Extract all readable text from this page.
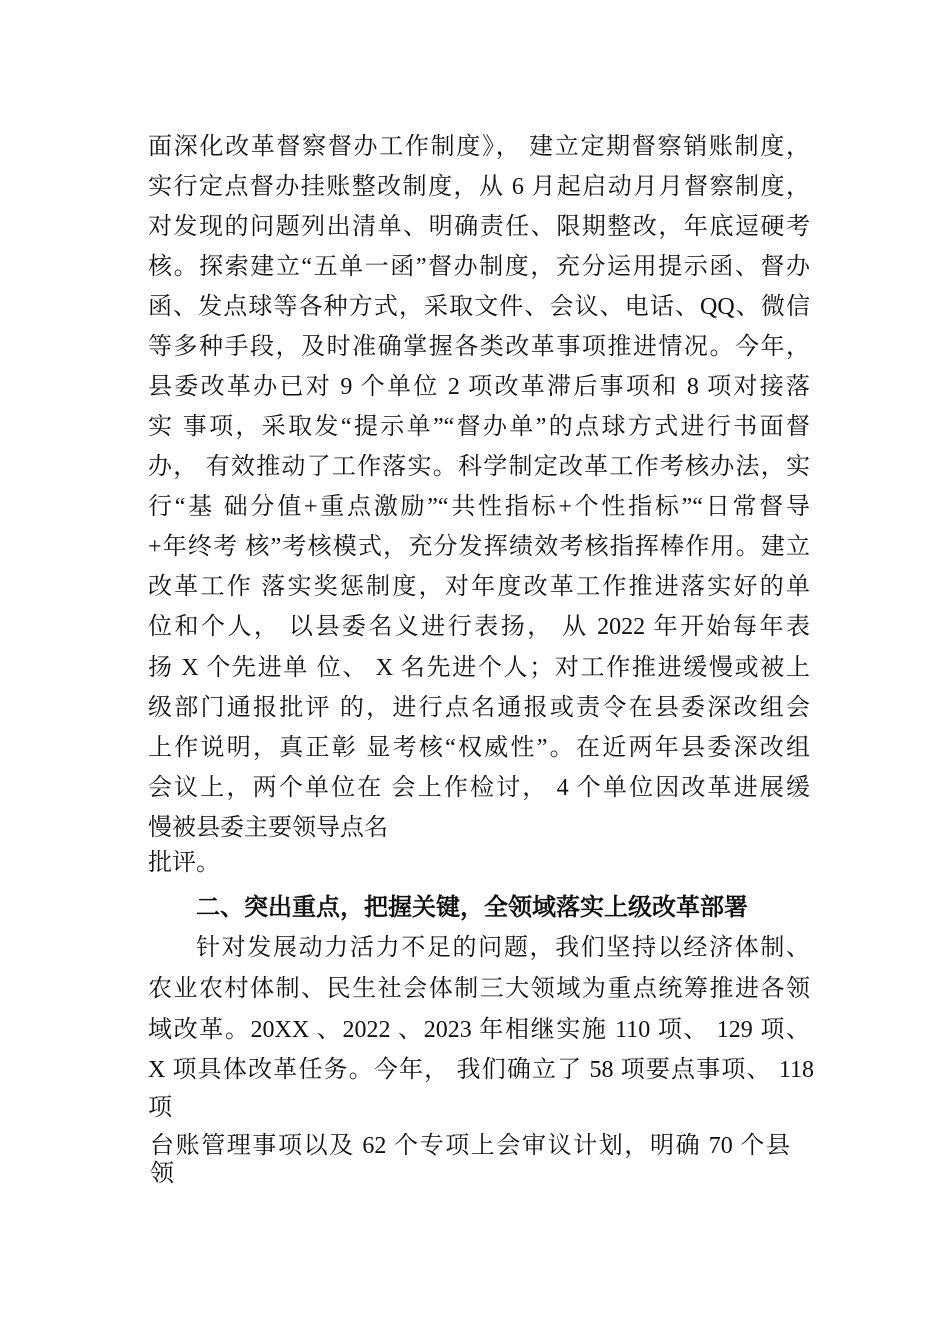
面深化改革督察督办工作制度》， 建立定期督察销账制度，
实行定点督办挂账整改制度，从 6 月起启动月月督察制度，
对发现的问题列出清单、明确责任、限期整改，年底逗硬考
核。探索建立“五单一函”督办制度，充分运用提示函、督办
函、发点球等各种方式，采取文件、会议、电话、QQ、微信
等多种手段，及时准确掌握各类改革事项推进情况。今年，
县委改革办已对 9 个单位 2 项改革滞后事项和 8 项对接落
实 事项，采取发“提示单”“督办单”的点球方式进行书面督
办， 有效推动了工作落实。科学制定改革工作考核办法，实
行“基 础分值+重点激励”“共性指标+个性指标”“日常督导
+年终考 核”考核模式，充分发挥绩效考核指挥棒作用。建立
改革工作 落实奖惩制度，对年度改革工作推进落实好的单
位和个人， 以县委名义进行表扬， 从 2022 年开始每年表
扬 X 个先进单 位、 X 名先进个人；对工作推进缓慢或被上
级部门通报批评 的，进行点名通报或责令在县委深改组会
上作说明，真正彰 显考核“权威性”。在近两年县委深改组
会议上，两个单位在 会上作检讨， 4 个单位因改革进展缓
慢被县委主要领导点名
批评。
二、突出重点，把握关键，全领域落实上级改革部署
针对发展动力活力不足的问题，我们坚持以经济体制、
农业农村体制、民生社会体制三大领域为重点统筹推进各领
域改革。20XX 、2022 、2023 年相继实施 110 项、 129 项、
X 项具体改革任务。今年， 我们确立了 58 项要点事项、 118
项
台账管理事项以及 62 个专项上会审议计划，明确 70 个县
领
